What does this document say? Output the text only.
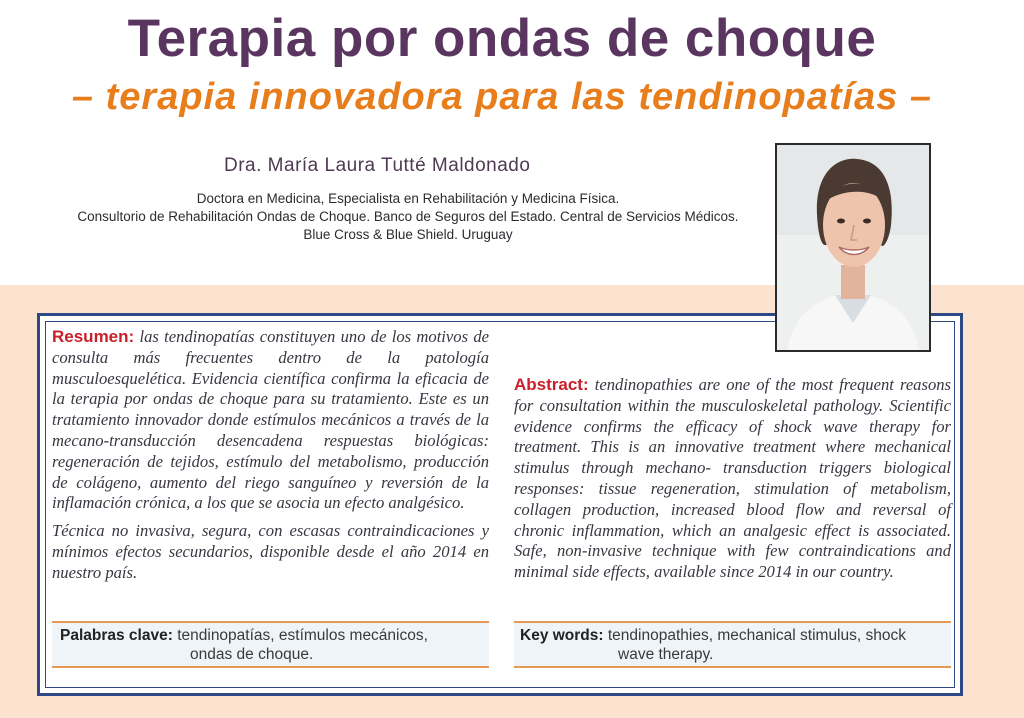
Terapia por ondas de choque
– terapia innovadora para las tendinopatías –

Dra. María Laura Tutté Maldonado

Doctora en Medicina, Especialista en Rehabilitación y Medicina Física.
Consultorio de Rehabilitación Ondas de Choque. Banco de Seguros del Estado. Central de Servicios Médicos.
Blue Cross & Blue Shield. Uruguay

Resumen: las tendinopatías constituyen uno de los motivos de consulta más frecuentes dentro de la patología musculoesquelética. Evidencia científica confirma la eficacia de la terapia por ondas de choque para su tratamiento. Este es un tratamiento innovador donde estímulos mecánicos a través de la mecano-transducción desencadena respuestas biológicas: regeneración de tejidos, estímulo del metabolismo, producción de colágeno, aumento del riego sanguíneo y reversión de la inflamación crónica, a los que se asocia un efecto analgésico.

Técnica no invasiva, segura, con escasas contraindicaciones y mínimos efectos secundarios, disponible desde el año 2014 en nuestro país.

Abstract: tendinopathies are one of the most frequent reasons for consultation within the musculoskeletal pathology. Scientific evidence confirms the efficacy of shock wave therapy for treatment. This is an innovative treatment where mechanical stimulus through mechano- transduction triggers biological responses: tissue regeneration, stimulation of metabolism, collagen production, increased blood flow and reversal of chronic inflammation, which an analgesic effect is associated. Safe, non-invasive technique with few contraindications and minimal side effects, available since 2014 in our country.

Palabras clave: tendinopatías, estímulos mecánicos,
ondas de choque.
Key words: tendinopathies, mechanical stimulus, shock
wave therapy.
